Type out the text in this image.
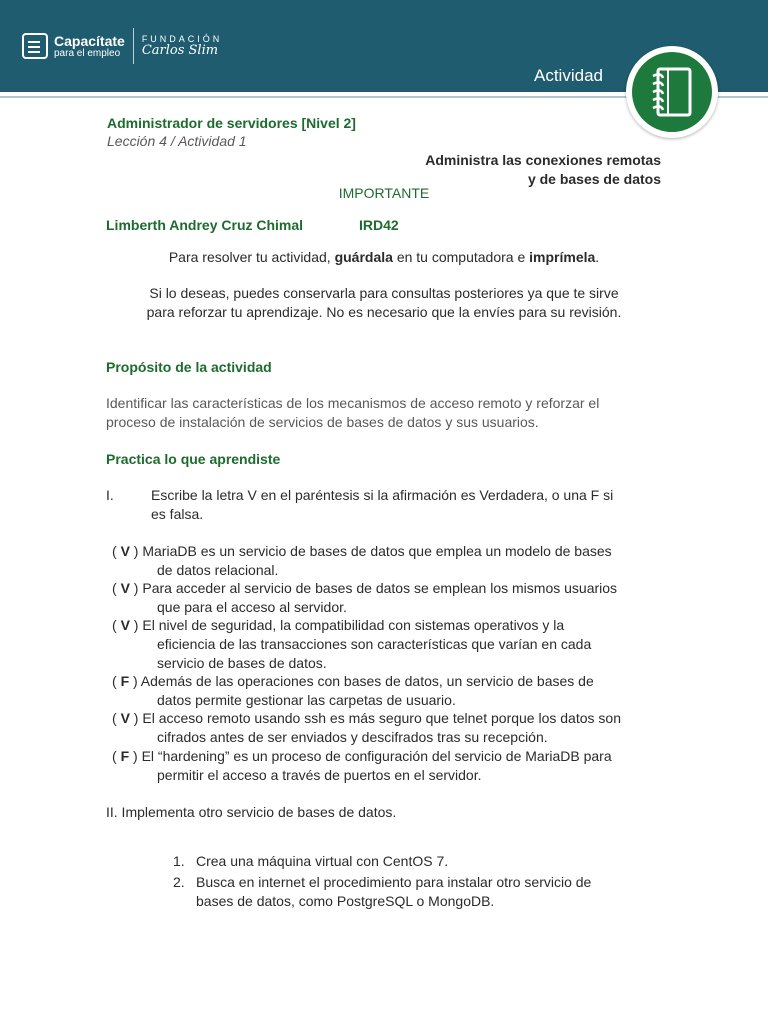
Capacítate
para el empleo
FUNDACIÓN
Carlos Slim
Actividad
Administrador de servidores [Nivel 2]
Lección 4 / Actividad 1
Administra las conexiones remotas
y de bases de datos
IMPORTANTE
Limberth Andrey Cruz Chimal	IRD42
Para resolver tu actividad, guárdala en tu computadora e imprímela.
Si lo deseas, puedes conservarla para consultas posteriores ya que te sirve
para reforzar tu aprendizaje. No es necesario que la envíes para su revisión.
Propósito de la actividad
Identificar las características de los mecanismos de acceso remoto y reforzar el
proceso de instalación de servicios de bases de datos y sus usuarios.
Practica lo que aprendiste
I.	Escribe la letra V en el paréntesis si la afirmación es Verdadera, o una F si
es falsa.
( V ) MariaDB es un servicio de bases de datos que emplea un modelo de bases
de datos relacional.
( V ) Para acceder al servicio de bases de datos se emplean los mismos usuarios
que para el acceso al servidor.
( V ) El nivel de seguridad, la compatibilidad con sistemas operativos y la
eficiencia de las transacciones son características que varían en cada
servicio de bases de datos.
( F ) Además de las operaciones con bases de datos, un servicio de bases de
datos permite gestionar las carpetas de usuario.
( V ) El acceso remoto usando ssh es más seguro que telnet porque los datos son
cifrados antes de ser enviados y descifrados tras su recepción.
( F ) El “hardening” es un proceso de configuración del servicio de MariaDB para
permitir el acceso a través de puertos en el servidor.
II. Implementa otro servicio de bases de datos.
1. Crea una máquina virtual con CentOS 7.
2. Busca en internet el procedimiento para instalar otro servicio de
bases de datos, como PostgreSQL o MongoDB.
